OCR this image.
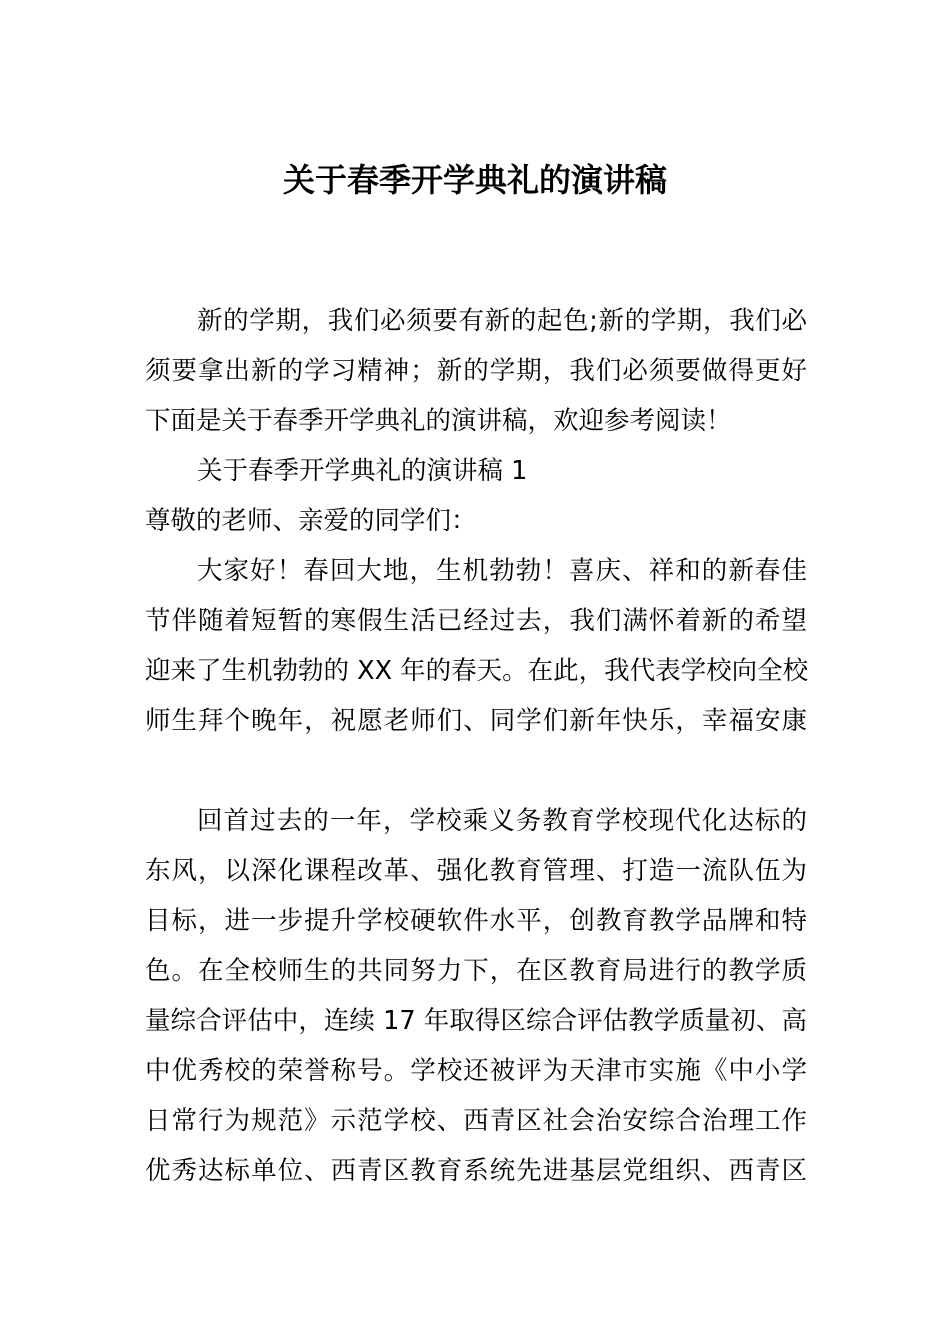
关于春季开学典礼的演讲稿
新的学期，我们必须要有新的起色;新的学期，我们必
须要拿出新的学习精神；新的学期，我们必须要做得更好
下面是关于春季开学典礼的演讲稿，欢迎参考阅读！
关于春季开学典礼的演讲稿 1
尊敬的老师、亲爱的同学们：
大家好！春回大地，生机勃勃！喜庆、祥和的新春佳
节伴随着短暂的寒假生活已经过去，我们满怀着新的希望
迎来了生机勃勃的 XX 年的春天。在此，我代表学校向全校
师生拜个晚年，祝愿老师们、同学们新年快乐，幸福安康
回首过去的一年，学校乘义务教育学校现代化达标的
东风，以深化课程改革、强化教育管理、打造一流队伍为
目标，进一步提升学校硬软件水平，创教育教学品牌和特
色。在全校师生的共同努力下，在区教育局进行的教学质
量综合评估中，连续 17 年取得区综合评估教学质量初、高
中优秀校的荣誉称号。学校还被评为天津市实施《中小学
日常行为规范》示范学校、西青区社会治安综合治理工作
优秀达标单位、西青区教育系统先进基层党组织、西青区
